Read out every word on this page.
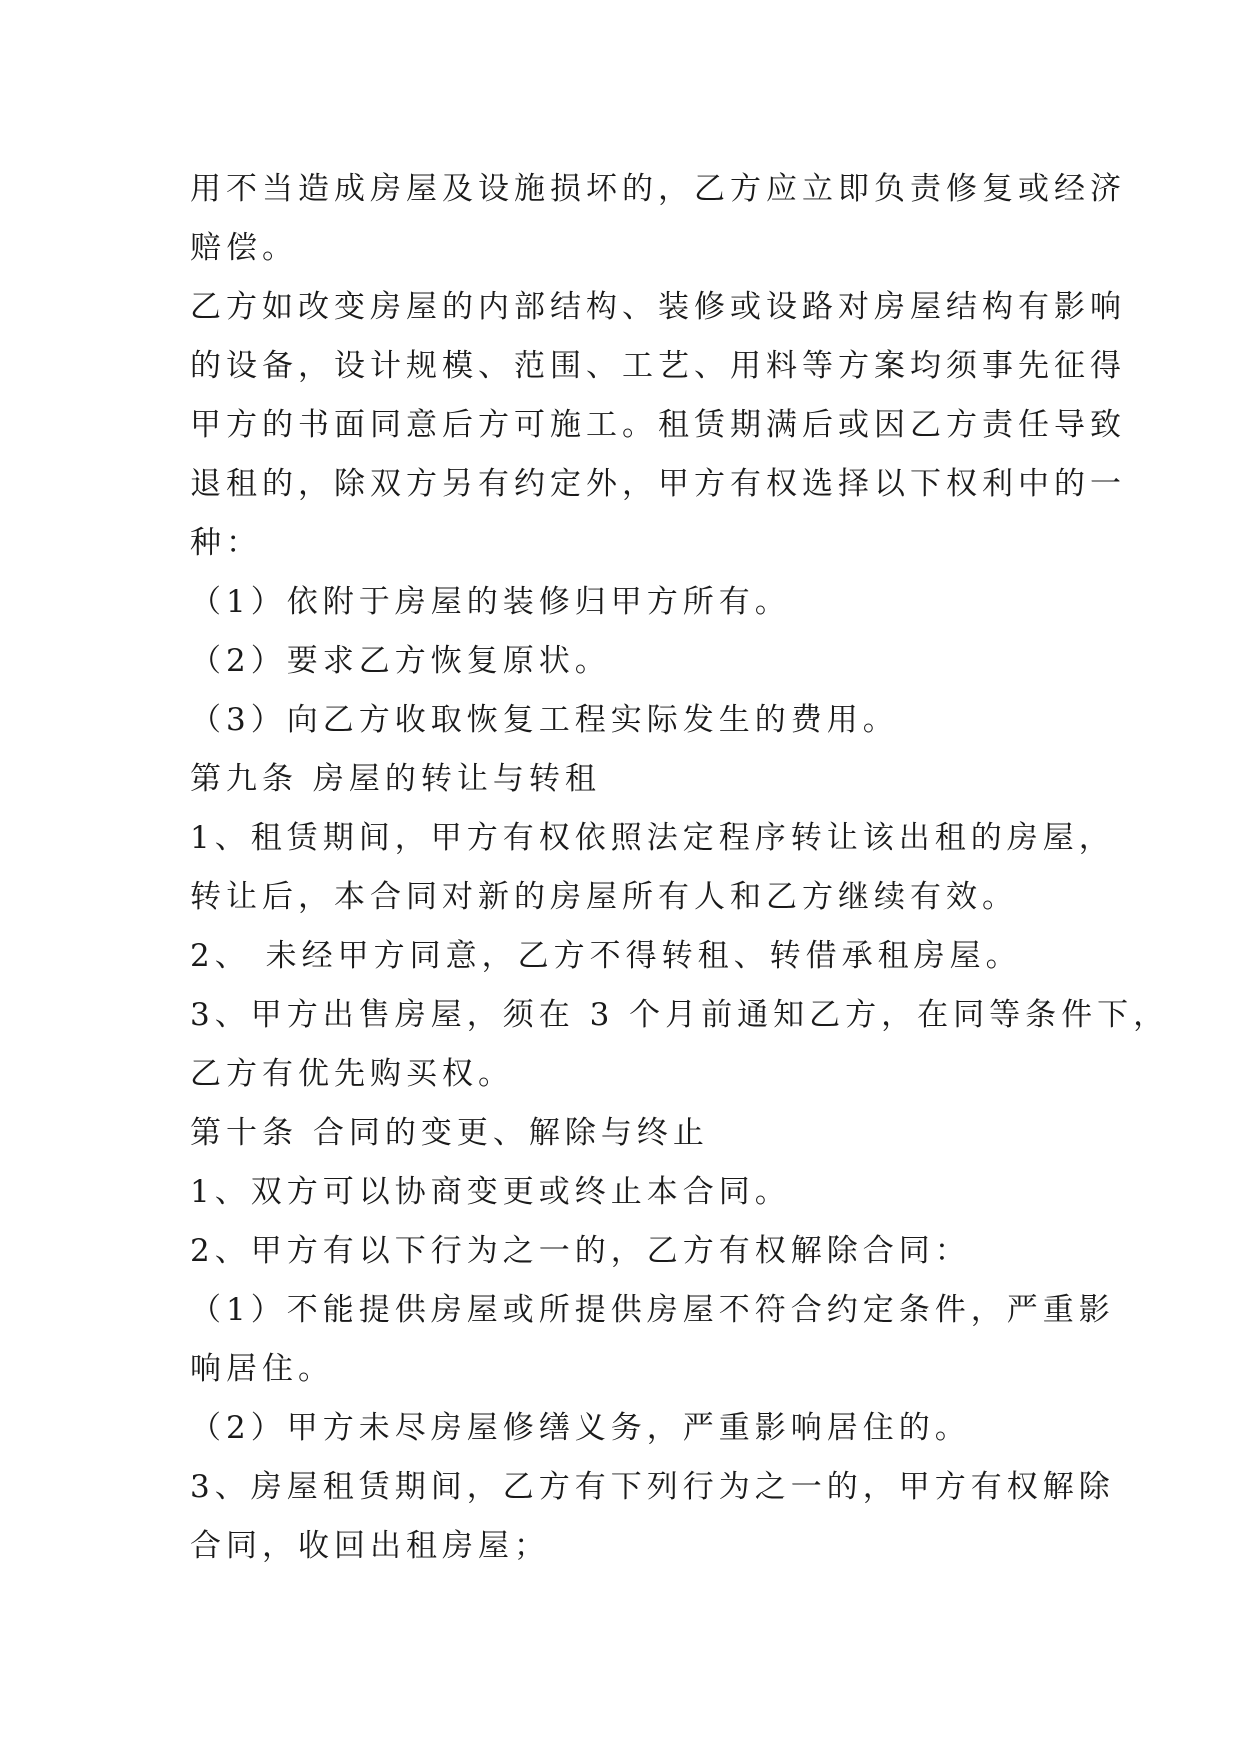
用不当造成房屋及设施损坏的，乙方应立即负责修复或经济
赔偿。
乙方如改变房屋的内部结构、装修或设路对房屋结构有影响
的设备，设计规模、范围、工艺、用料等方案均须事先征得
甲方的书面同意后方可施工。租赁期满后或因乙方责任导致
退租的，除双方另有约定外，甲方有权选择以下权利中的一
种：
（1）依附于房屋的装修归甲方所有。
（2）要求乙方恢复原状。
（3）向乙方收取恢复工程实际发生的费用。
第九条 房屋的转让与转租
1、租赁期间，甲方有权依照法定程序转让该出租的房屋，
转让后，本合同对新的房屋所有人和乙方继续有效。
2、 未经甲方同意，乙方不得转租、转借承租房屋。
3、甲方出售房屋，须在 3 个月前通知乙方，在同等条件下，
乙方有优先购买权。
第十条 合同的变更、解除与终止
1、双方可以协商变更或终止本合同。
2、甲方有以下行为之一的，乙方有权解除合同：
（1）不能提供房屋或所提供房屋不符合约定条件，严重影
响居住。
（2）甲方未尽房屋修缮义务，严重影响居住的。
3、房屋租赁期间，乙方有下列行为之一的，甲方有权解除
合同，收回出租房屋；
